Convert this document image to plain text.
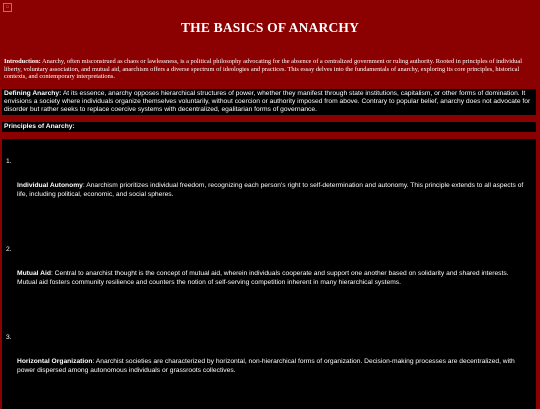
▫
THE BASICS OF ANARCHY
Introduction: Anarchy, often misconstrued as chaos or lawlessness, is a political philosophy advocating for the absence of a centralized government or ruling authority. Rooted in principles of individual liberty, voluntary association, and mutual aid, anarchism offers a diverse spectrum of ideologies and practices. This essay delves into the fundamentals of anarchy, exploring its core principles, historical contexts, and contemporary interpretations.
Defining Anarchy: At its essence, anarchy opposes hierarchical structures of power, whether they manifest through state institutions, capitalism, or other forms of domination. It envisions a society where individuals organize themselves voluntarily, without coercion or authority imposed from above. Contrary to popular belief, anarchy does not advocate for disorder but rather seeks to replace coercive systems with decentralized, egalitarian forms of governance.
Principles of Anarchy:
1.
Individual Autonomy: Anarchism prioritizes individual freedom, recognizing each person's right to self-determination and autonomy. This principle extends to all aspects of life, including political, economic, and social spheres.
2.
Mutual Aid: Central to anarchist thought is the concept of mutual aid, wherein individuals cooperate and support one another based on solidarity and shared interests. Mutual aid fosters community resilience and counters the notion of self-serving competition inherent in many hierarchical systems.
3.
Horizontal Organization: Anarchist societies are characterized by horizontal, non-hierarchical forms of organization. Decision-making processes are decentralized, with power dispersed among autonomous individuals or grassroots collectives.
